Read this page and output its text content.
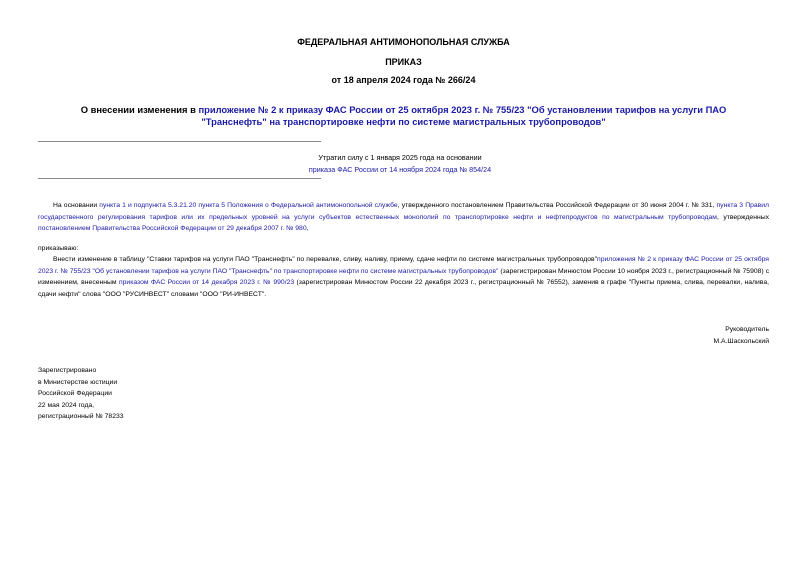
ФЕДЕРАЛЬНАЯ АНТИМОНОПОЛЬНАЯ СЛУЖБА
ПРИКАЗ
от 18 апреля 2024 года № 266/24
О внесении изменения в приложение № 2 к приказу ФАС России от 25 октября 2023 г. № 755/23 "Об установлении тарифов на услуги ПАО "Транснефть" на транспортировке нефти по системе магистральных трубопроводов"
Утратил силу с 1 января 2025 года на основании
приказа ФАС России от 14 ноября 2024 года № 854/24
На основании пункта 1 и подпункта 5.3.21.20 пункта 5 Положения о Федеральной антимонопольной службе, утвержденного постановлением Правительства Российской Федерации от 30 июня 2004 г. № 331, пункта 3 Правил государственного регулирования тарифов или их предельных уровней на услуги субъектов естественных монополий по транспортировке нефти и нефтепродуктов по магистральным трубопроводам, утвержденных постановлением Правительства Российской Федерации от 29 декабря 2007 г. № 980,
приказываю:
Внести изменение в таблицу "Ставки тарифов на услуги ПАО "Транснефть" по перевалке, сливу, наливу, приему, сдаче нефти по системе магистральных трубопроводов"приложения № 2 к приказу ФАС России от 25 октября 2023 г. № 755/23 "Об установлении тарифов на услуги ПАО "Транснефть" по транспортировке нефти по системе магистральных трубопроводов" (зарегистрирован Минюстом России 10 ноября 2023 г., регистрационный № 75908) с изменением, внесенным приказом ФАС России от 14 декабря 2023 г. № 990/23 (зарегистрирован Минюстом России 22 декабря 2023 г., регистрационный № 76552), заменив в графе "Пункты приема, слива, перевалки, налива, сдачи нефти" слова "ООО "РУСИНВЕСТ" словами "ООО "РИ-ИНВЕСТ".
Руководитель
М.А.Шаскольский
Зарегистрировано
в Министерстве юстиции
Российской Федерации
22 мая 2024 года,
регистрационный № 78233
